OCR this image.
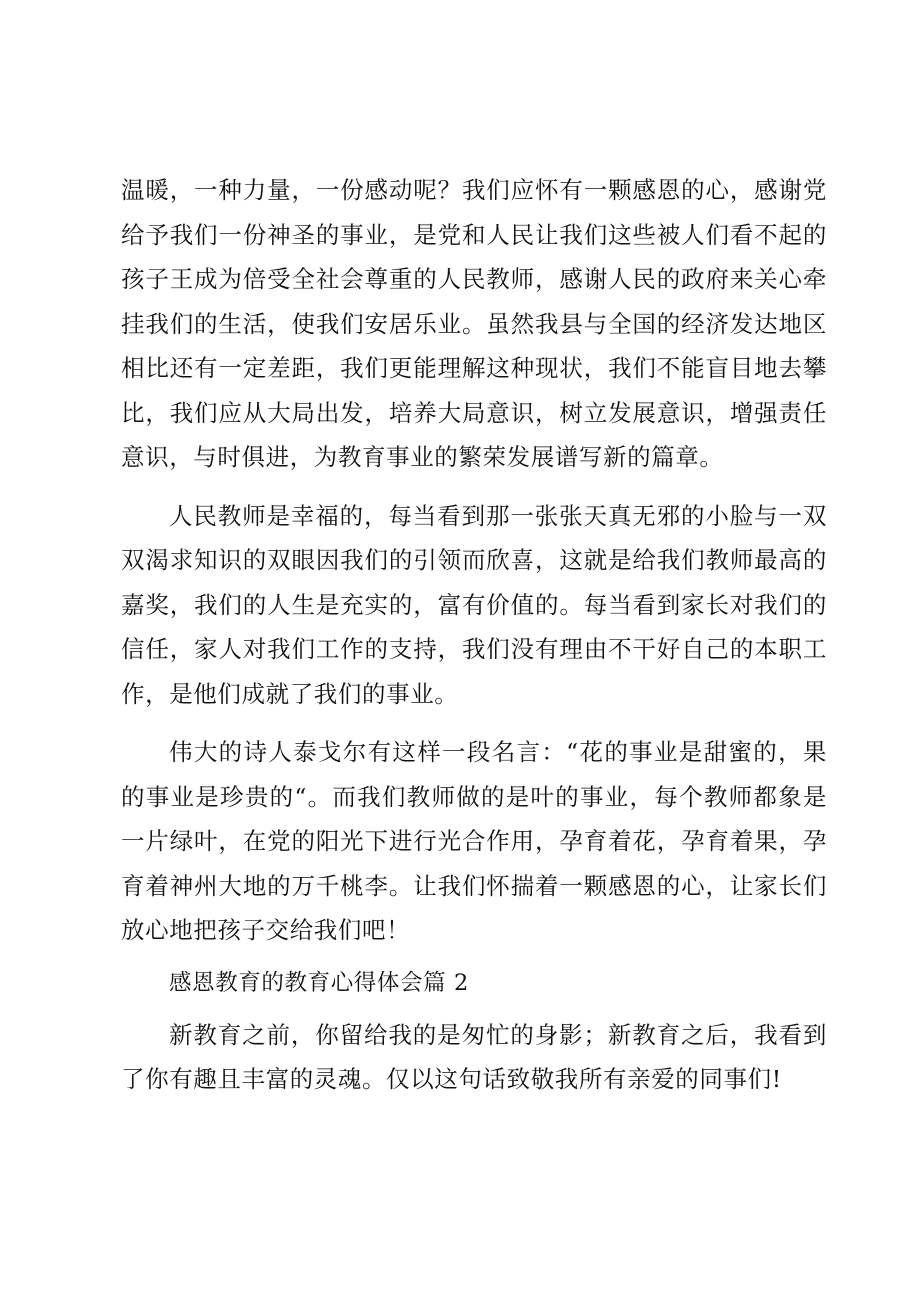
温暖，一种力量，一份感动呢？我们应怀有一颗感恩的心，感谢党给予我们一份神圣的事业，是党和人民让我们这些被人们看不起的孩子王成为倍受全社会尊重的人民教师，感谢人民的政府来关心牵挂我们的生活，使我们安居乐业。虽然我县与全国的经济发达地区相比还有一定差距，我们更能理解这种现状，我们不能盲目地去攀比，我们应从大局出发，培养大局意识，树立发展意识，增强责任意识，与时俱进，为教育事业的繁荣发展谱写新的篇章。

人民教师是幸福的，每当看到那一张张天真无邪的小脸与一双双渴求知识的双眼因我们的引领而欣喜，这就是给我们教师最高的嘉奖，我们的人生是充实的，富有价值的。每当看到家长对我们的信任，家人对我们工作的支持，我们没有理由不干好自己的本职工作，是他们成就了我们的事业。

伟大的诗人泰戈尔有这样一段名言：“花的事业是甜蜜的，果的事业是珍贵的“。而我们教师做的是叶的事业，每个教师都象是一片绿叶，在党的阳光下进行光合作用，孕育着花，孕育着果，孕育着神州大地的万千桃李。让我们怀揣着一颗感恩的心，让家长们放心地把孩子交给我们吧！

感恩教育的教育心得体会篇 2

新教育之前，你留给我的是匆忙的身影；新教育之后，我看到了你有趣且丰富的灵魂。仅以这句话致敬我所有亲爱的同事们!
